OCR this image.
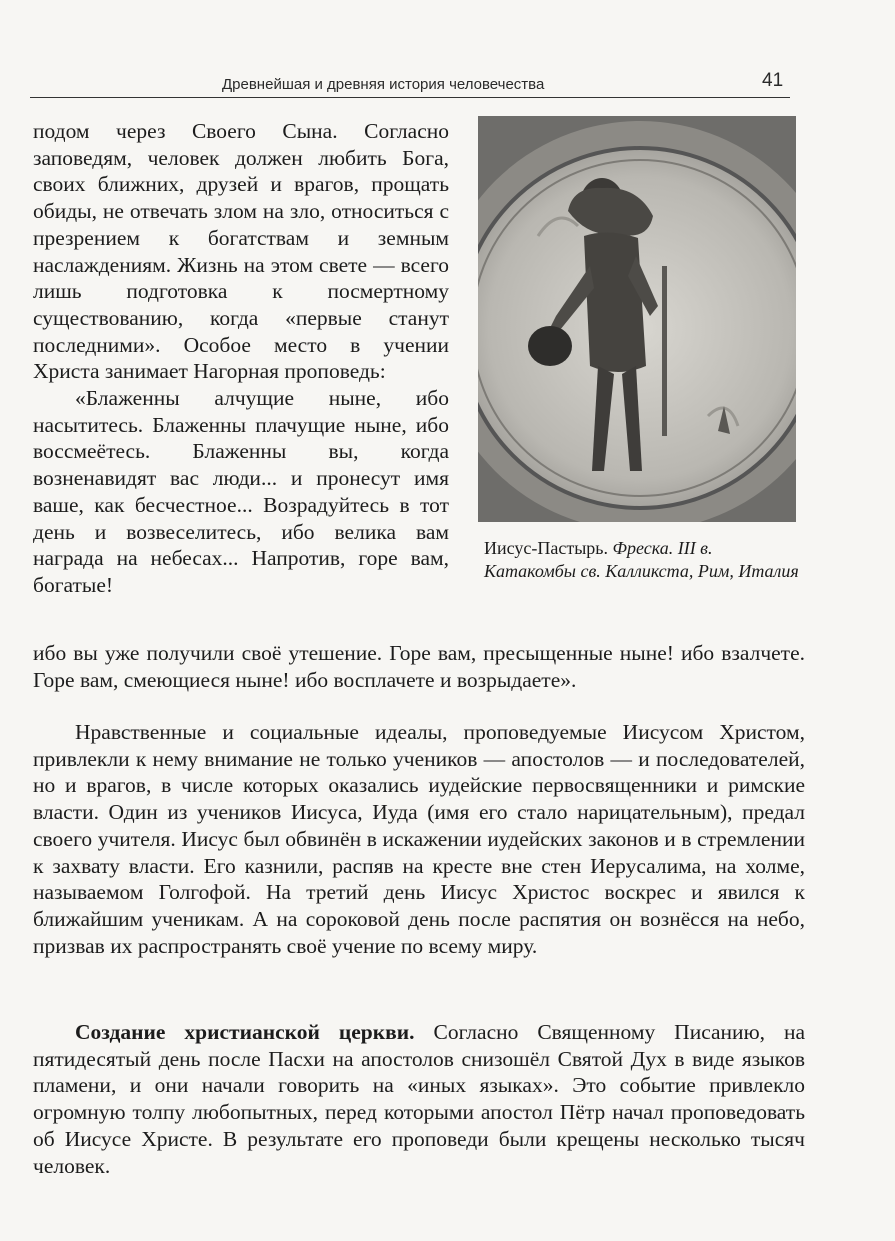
Древнейшая и древняя история человечества	41

подом через Своего Сына. Согласно заповедям, человек должен любить Бога, своих ближних, друзей и врагов, прощать обиды, не отвечать злом на зло, относиться с презрением к богатствам и земным наслаждениям. Жизнь на этом свете — всего лишь подготовка к посмертному существованию, когда «первые станут последними». Особое место в учении Христа занимает Нагорная проповедь:

«Блаженны алчущие ныне, ибо насытитесь. Блаженны плачущие ныне, ибо воссмеётесь. Блаженны вы, когда возненавидят вас люди... и пронесут имя ваше, как бесчестное... Возрадуйтесь в тот день и возвеселитесь, ибо велика вам награда на небесах... Напротив, горе вам, богатые!

Иисус-Пастырь. Фреска. III в. Катакомбы св. Калликста, Рим, Италия

ибо вы уже получили своё утешение. Горе вам, пресыщенные ныне! ибо взалчете. Горе вам, смеющиеся ныне! ибо восплачете и возрыдаете».

Нравственные и социальные идеалы, проповедуемые Иисусом Христом, привлекли к нему внимание не только учеников — апостолов — и последователей, но и врагов, в числе которых оказались иудейские первосвященники и римские власти. Один из учеников Иисуса, Иуда (имя его стало нарицательным), предал своего учителя. Иисус был обвинён в искажении иудейских законов и в стремлении к захвату власти. Его казнили, распяв на кресте вне стен Иерусалима, на холме, называемом Голгофой. На третий день Иисус Христос воскрес и явился к ближайшим ученикам. А на сороковой день после распятия он вознёсся на небо, призвав их распространять своё учение по всему миру.

Создание христианской церкви. Согласно Священному Писанию, на пятидесятый день после Пасхи на апостолов снизошёл Святой Дух в виде языков пламени, и они начали говорить на «иных языках». Это событие привлекло огромную толпу любопытных, перед которыми апостол Пётр начал проповедовать об Иисусе Христе. В результате его проповеди были крещены несколько тысяч человек.
